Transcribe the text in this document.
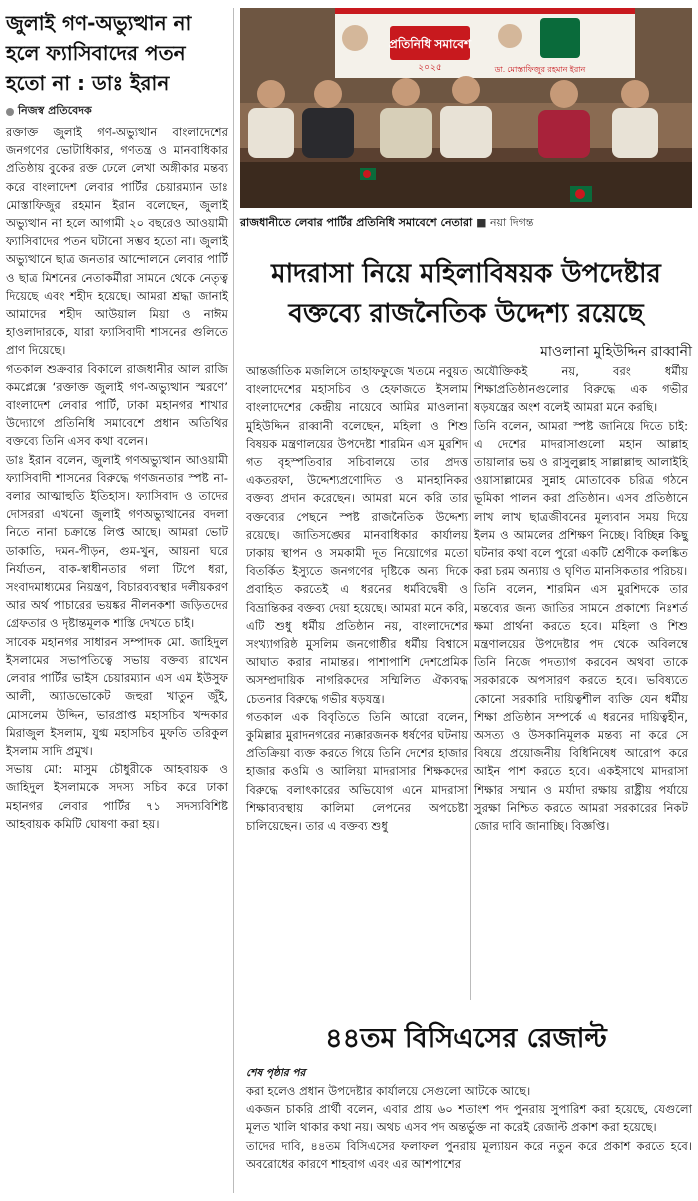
জুলাই গণ-অভ্যুত্থান না হলে ফ্যাসিবাদের পতন হতো না : ডাঃ ইরান
নিজস্ব প্রতিবেদক

রক্তাক্ত জুলাই গণ-অভ্যুত্থান বাংলাদেশের জনগণের ভোটাধিকার, গণতন্ত্র ও মানবাধিকার প্রতিষ্ঠায় বুকের রক্ত ঢেলে লেখা অঙ্গীকার মন্তব্য করে বাংলাদেশ লেবার পার্টির চেয়ারম্যান ডাঃ মোস্তাফিজুর রহমান ইরান বলেছেন, জুলাই অভ্যুত্থান না হলে আগামী ২০ বছরেও আওয়ামী ফ্যাসিবাদের পতন ঘটানো সম্ভব হতো না। জুলাই অভ্যুত্থানে ছাত্র জনতার আন্দোলনে লেবার পার্টি ও ছাত্র মিশনের নেতাকর্মীরা সামনে থেকে নেতৃত্ব দিয়েছে এবং শহীদ হয়েছে। আমরা শ্রদ্ধা জানাই আমাদের শহীদ আউয়াল মিয়া ও নাঈম হাওলাদারকে, যারা ফ্যাসিবাদী শাসনের গুলিতে প্রাণ দিয়েছে।

গতকাল শুক্রবার বিকালে রাজধানীর আল রাজি কমপ্লেক্সে ‘রক্তাক্ত জুলাই গণ-অভ্যুত্থান স্মরণে’ বাংলাদেশ লেবার পার্টি, ঢাকা মহানগর শাখার উদ্যোগে প্রতিনিধি সমাবেশে প্রধান অতিথির বক্তব্যে তিনি এসব কথা বলেন।

ডাঃ ইরান বলেন, জুলাই গণঅভ্যুত্থান আওয়ামী ফ্যাসিবাদী শাসনের বিরুদ্ধে গণজনতার স্পষ্ট না-বলার আত্মাহুতি ইতিহাস। ফ্যাসিবাদ ও তাদের দোসররা এখনো জুলাই গণঅভ্যুত্থানের বদলা নিতে নানা চক্রান্তে লিপ্ত আছে। আমরা ভোট ডাকাতি, দমন-পীড়ন, গুম-খুন, আয়না ঘরে নির্যাতন, বাক-স্বাধীনতার গলা টিপে ধরা, সংবাদমাধ্যমের নিয়ন্ত্রণ, বিচারব্যবস্থার দলীয়করণ আর অর্থ পাচারের ভয়ঙ্কর নীলনকশা জড়িতদের গ্রেফতার ও দৃষ্টান্তমূলক শাস্তি দেখতে চাই।

সাবেক মহানগর সাধারন সম্পাদক মো. জাহিদুল ইসলামের সভাপতিত্বে সভায় বক্তব্য রাখেন লেবার পার্টির ভাইস চেয়ারম্যান এস এম ইউসুফ আলী, অ্যাডভোকেট জহুরা খাতুন জুঁই, মোসলেম উদ্দিন, ভারপ্রাপ্ত মহাসচিব খন্দকার মিরাজুল ইসলাম, যুগ্ম মহাসচিব মুফতি তরিকুল ইসলাম সাদি প্রমুখ।

সভায় মো: মাসুম চৌধুরীকে আহবায়ক ও জাহিদুল ইসলামকে সদস্য সচিব করে ঢাকা মহানগর লেবার পার্টির ৭১ সদস্যবিশিষ্ট আহবায়ক কমিটি ঘোষণা করা হয়।

প্রতিনিধি সমাবেশ
২০২৫	ডা. মোস্তাফিজুর রহমান ইরান
রাজধানীতে লেবার পার্টির প্রতিনিধি সমাবেশে নেতারা ■ নয়া দিগন্ত
মাদরাসা নিয়ে মহিলাবিষয়ক উপদেষ্টার বক্তব্যে রাজনৈতিক উদ্দেশ্য রয়েছে
মাওলানা মুহিউদ্দিন রাব্বানী

আন্তর্জাতিক মজলিসে তাহাফফুজে খতমে নবুয়ত বাংলাদেশের মহাসচিব ও হেফাজতে ইসলাম বাংলাদেশের কেন্দ্রীয় নায়েবে আমির মাওলানা মুহিউদ্দিন রাব্বানী বলেছেন, মহিলা ও শিশু বিষয়ক মন্ত্রণালয়ের উপদেষ্টা শারমিন এস মুরশিদ গত বৃহস্পতিবার সচিবালয়ে তার প্রদত্ত একতরফা, উদ্দেশ্যপ্রণোদিত ও মানহানিকর বক্তব্য প্রদান করেছেন। আমরা মনে করি তার বক্তব্যের পেছনে স্পষ্ট রাজনৈতিক উদ্দেশ্য রয়েছে। জাতিসঙ্ঘের মানবাধিকার কার্যালয় ঢাকায় স্থাপন ও সমকামী দূত নিয়োগের মতো বিতর্কিত ইস্যুতে জনগণের দৃষ্টিকে অন্য দিকে প্রবাহিত করতেই এ ধরনের ধর্মবিদ্বেষী ও বিভ্রান্তিকর বক্তব্য দেয়া হয়েছে। আমরা মনে করি, এটি শুধু ধর্মীয় প্রতিষ্ঠান নয়, বাংলাদেশের সংখ্যাগরিষ্ঠ মুসলিম জনগোষ্ঠীর ধর্মীয় বিশ্বাসে আঘাত করার নামান্তর। পাশাপাশি দেশপ্রেমিক অসম্প্রদায়িক নাগরিকদের সম্মিলিত ঐক্যবদ্ধ চেতনার বিরুদ্ধে গভীর ষড়যন্ত্র।

গতকাল এক বিবৃতিতে তিনি আরো বলেন, কুমিল্লার মুরাদনগরের ন্যক্কারজনক ধর্ষণের ঘটনায় প্রতিক্রিয়া ব্যক্ত করতে গিয়ে তিনি দেশের হাজার হাজার কওমি ও আলিয়া মাদরাসার শিক্ষকদের বিরুদ্ধে বলাৎকারের অভিযোগ এনে মাদরাসা শিক্ষাব্যবস্থায় কালিমা লেপনের অপচেষ্টা চালিয়েছেন। তার এ বক্তব্য শুধু

অযৌক্তিকই নয়, বরং ধর্মীয় শিক্ষাপ্রতিষ্ঠানগুলোর বিরুদ্ধে এক গভীর ষড়যন্ত্রের অংশ বলেই আমরা মনে করছি।

তিনি বলেন, আমরা স্পষ্ট জানিয়ে দিতে চাই: এ দেশের মাদরাসাগুলো মহান আল্লাহ তায়ালার ভয় ও রাসুলুল্লাহ সাল্লাল্লাহু আলাইহি ওয়াসাল্লামের সুন্নাহ মোতাবেক চরিত্র গঠনে ভূমিকা পালন করা প্রতিষ্ঠান। এসব প্রতিষ্ঠানে লাখ লাখ ছাত্রজীবনের মূল্যবান সময় দিয়ে ইলম ও আমলের প্রশিক্ষণ নিচ্ছে। বিচ্ছিন্ন কিছু ঘটনার কথা বলে পুরো একটি শ্রেণীকে কলঙ্কিত করা চরম অন্যায় ও ঘৃণিত মানসিকতার পরিচয়।

তিনি বলেন, শারমিন এস মুরশিদকে তার মন্তব্যের জন্য জাতির সামনে প্রকাশ্যে নিঃশর্ত ক্ষমা প্রার্থনা করতে হবে। মহিলা ও শিশু মন্ত্রণালয়ের উপদেষ্টার পদ থেকে অবিলম্বে তিনি নিজে পদত্যাগ করবেন অথবা তাকে সরকারকে অপসারণ করতে হবে। ভবিষ্যতে কোনো সরকারি দায়িত্বশীল ব্যক্তি যেন ধর্মীয় শিক্ষা প্রতিষ্ঠান সম্পর্কে এ ধরনের দায়িত্বহীন, অসত্য ও উসকানিমূলক মন্তব্য না করে সে বিষয়ে প্রয়োজনীয় বিধিনিষেধ আরোপ করে আইন পাশ করতে হবে। একইসাথে মাদরাসা শিক্ষার সম্মান ও মর্যাদা রক্ষায় রাষ্ট্রীয় পর্যায়ে সুরক্ষা নিশ্চিত করতে আমরা সরকারের নিকট জোর দাবি জানাচ্ছি। বিজ্ঞপ্তি।

৪৪তম বিসিএসের রেজাল্ট
শেষ পৃষ্ঠার পর

করা হলেও প্রধান উপদেষ্টার কার্যালয়ে সেগুলো আটকে আছে।

একজন চাকরি প্রার্থী বলেন, এবার প্রায় ৬০ শতাংশ পদ পুনরায় সুপারিশ করা হয়েছে, যেগুলো মূলত খালি থাকার কথা নয়। অথচ এসব পদ অন্তর্ভুক্ত না করেই রেজাল্ট প্রকাশ করা হয়েছে।

তাদের দাবি, ৪৪তম বিসিএসের ফলাফল পুনরায় মূল্যায়ন করে নতুন করে প্রকাশ করতে হবে। অবরোধের কারণে শাহবাগ এবং এর আশপাশের
